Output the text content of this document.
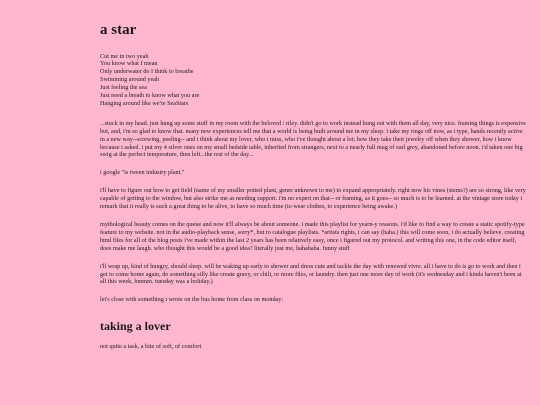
a star
Cut me in two yeah
You know what I mean
Only underwater do I think to breathe
Swimming around yeah
Just feeling the sea
Just need a breath to know what you are
Hanging around like we're SeaStars

...stuck in my head. just hung up some stuff in my room with the beloved / riley. didn't go to work instead hung out with them all day, very nice. framing things is expensive but, and, i'm so glad to know that. many new experiences tell me that a world is being built around me in my sleep. i take my rings off now, as i type, hands recently active in a new way--screwing, peeling-- and i think about my lover, who i miss, who i've thought about a lot; how they take their jewelry off when they shower, how i know because i asked. i put my 4 silver ones on my small bedside table, inherited from strangers, next to a nearly full mug of earl grey, abandoned before noon. i'd taken one big swig at the perfect temperature, then left...the rest of the day...

i google "is tween industry plant."

i'll have to figure out how to get field (name of my smaller potted plant, genre unknown to me) to expand appropriately. right now his vines (stems?) are so strong, like very capable of getting to the window, but also strike me as needing support. i'm no expert on that-- or framing, as it goes-- so much is to be learned. at the vintage store today i remark that it really is such a great thing to be alive, to have so much time (to wear clothes, to experience being awake.)

mythological beauty comes on the queue and now it'll always be about someone. i made this playlist for yearn-y reasons. i'd like to find a way to create a static spotify-type feature to my website. not in the audio-playback sense, sorry*, but to catalogue playlists. *artists rights, i can say (haha.) this will come soon, i do actually believe. creating html files for all of the blog posts i've made within the last 2 years has been relatively easy, once i figured out my protocol. and writing this one, in the code editor itself, does make me laugh. who thought this would be a good idea? literally just me, hahahaha. funny stuff

i'll wrap up, kind of hungry, should sleep. will be waking up early to shower and dress cute and tackle the day with renewed vivre. all i have to do is go to work and then i get to come home again, do something silly like create gravy, or chili, or more files, or laundry. then just one more day of work (it's wednesday and i kinda haven't been at all this week, hmmm. tuesday was a holiday.)

let's close with something i wrote on the bus home from class on monday:

taking a lover
not quite a task, a bite of soft, of comfort
